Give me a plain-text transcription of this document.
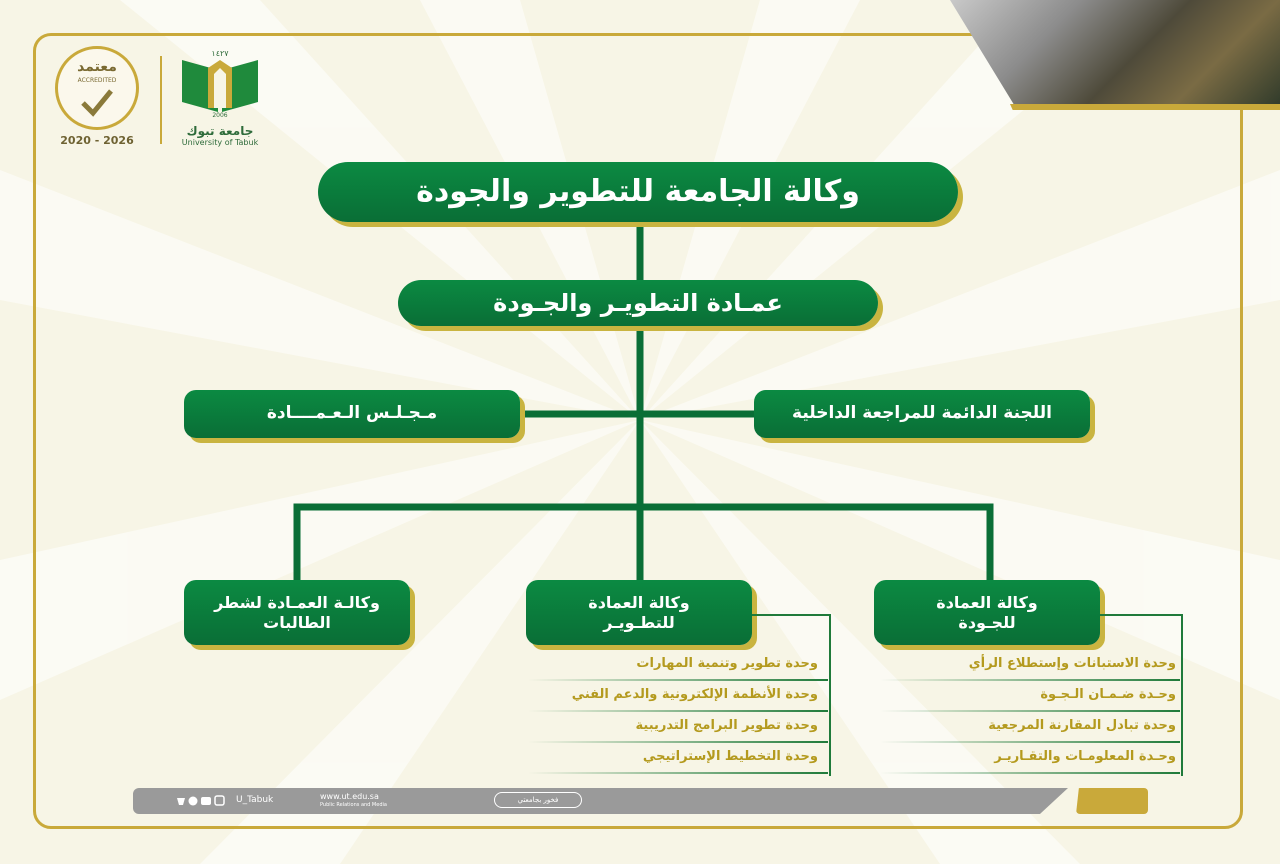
معتمد
ACCREDITED
2020 - 2026
١٤٢٧
2006
جامعة تبوك
University of Tabuk
وكالة الجامعة للتطوير والجودة
عمـادة التطويـر والجـودة
مـجـلـس الـعـمــــادة	اللجنة الدائمة للمراجعة الداخلية
وكالـة العمـادة لشطر الطالبات
وكالة العمادة للتطـويـر
وكالة العمادة للجـودة
وحدة تطوير وتنمية المهارات
وحدة الأنظمة الإلكترونية والدعم الفني
وحدة تطوير البرامج التدريبية
وحدة التخطيط الإستراتيجي
وحدة الاستبانات وإستطلاع الرأي
وحـدة ضـمـان الـجـوة
وحدة تبادل المقارنة المرجعية
وحـدة المعلومـات والتقـاريـر
U_Tabuk	www.ut.edu.sa
Public Relations and Media
فخور بجامعتي
